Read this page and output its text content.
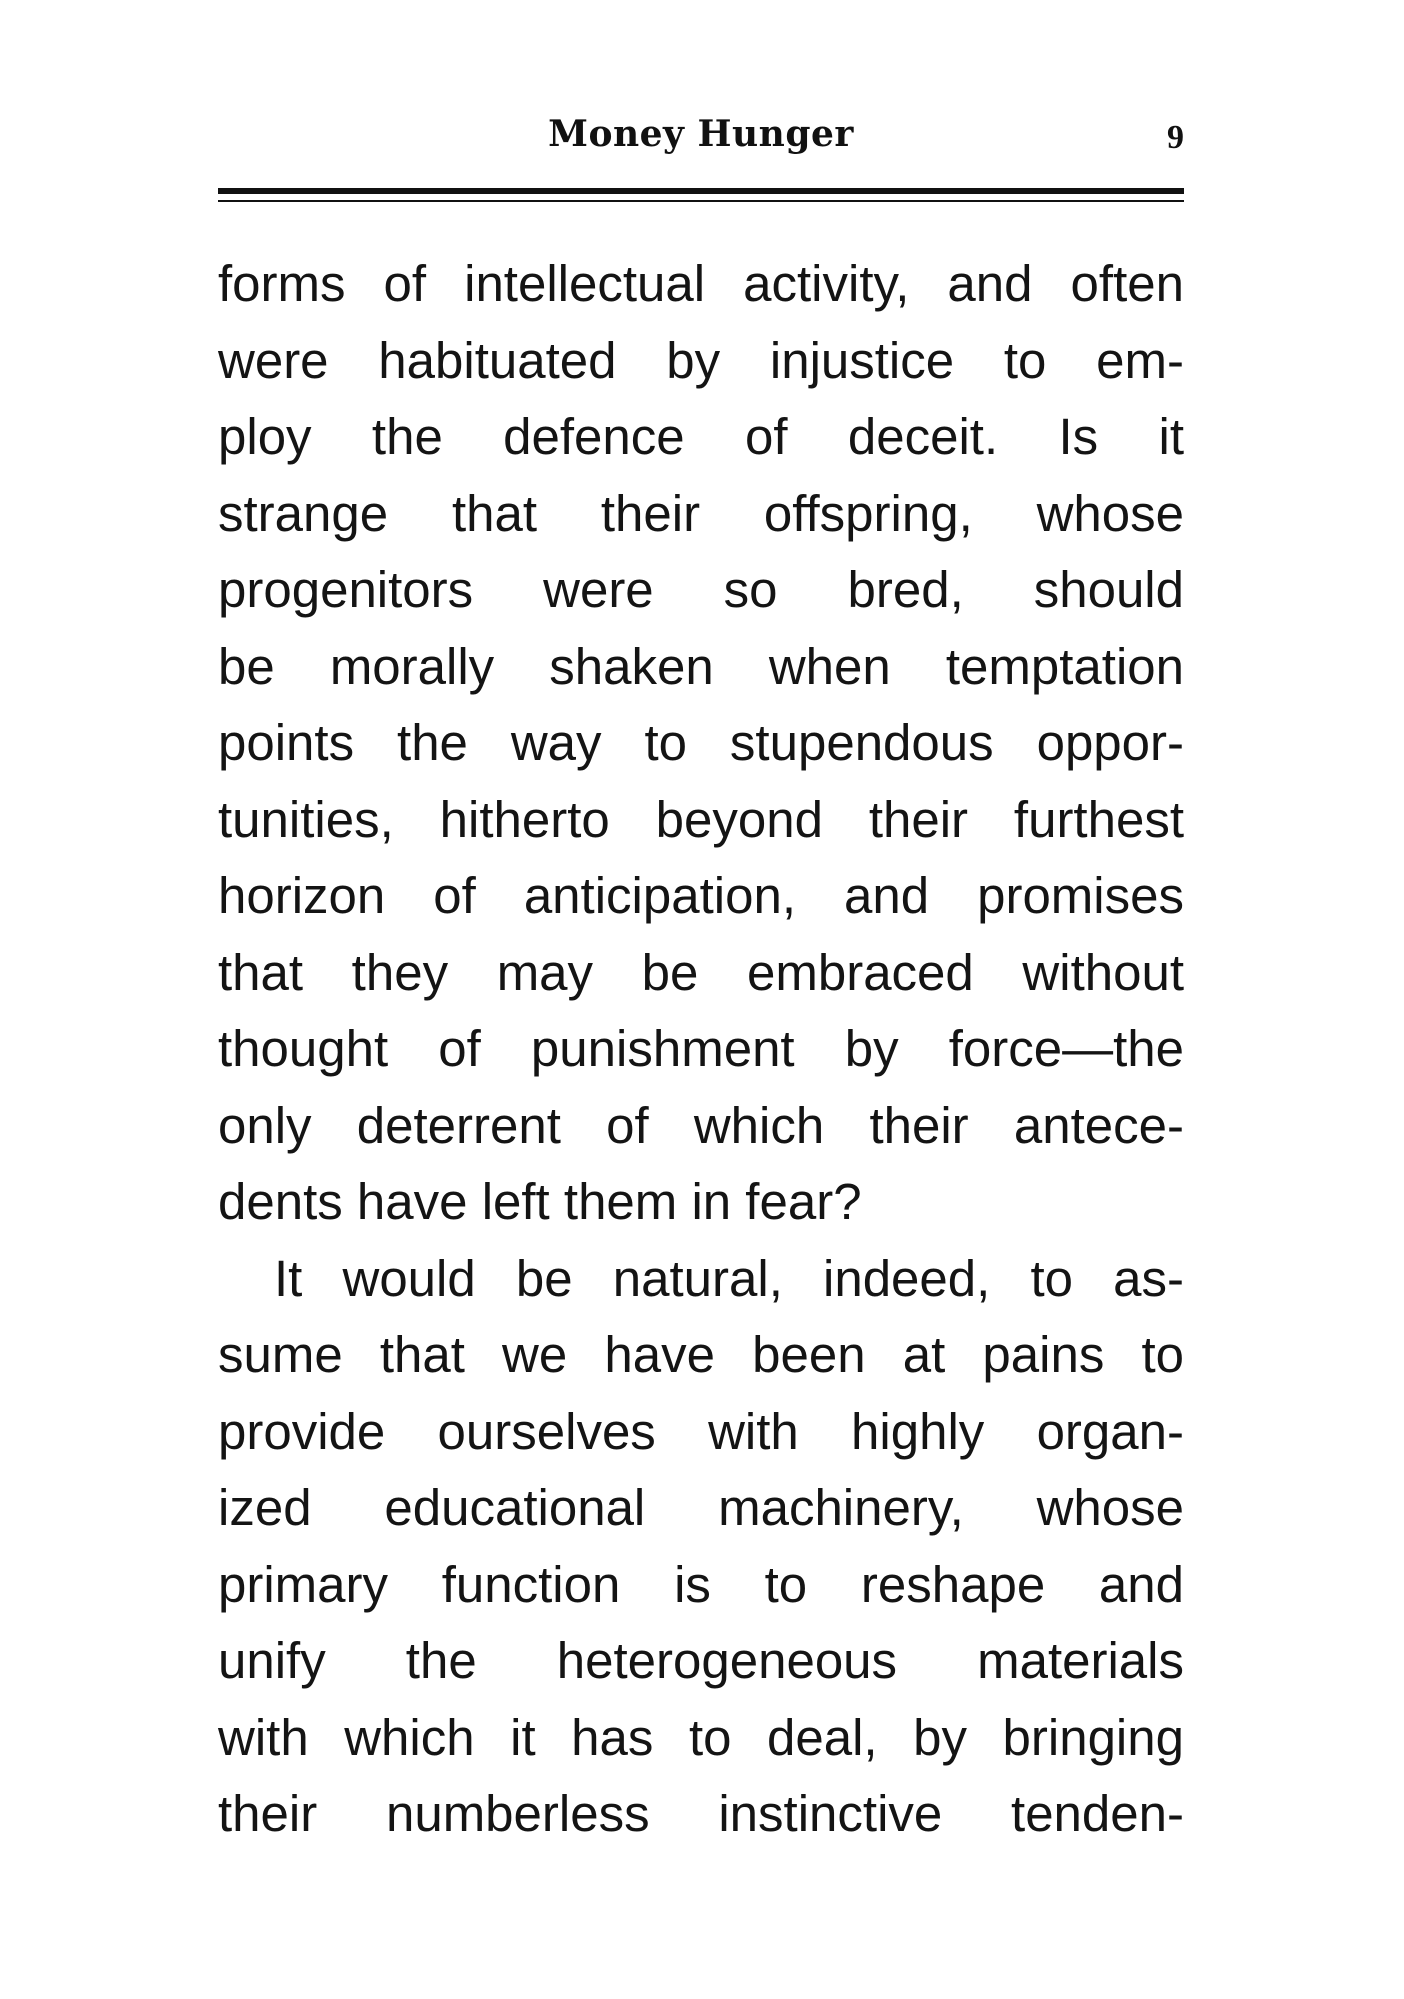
Money Hunger	9
forms of intellectual activity, and often
were habituated by injustice to em-
ploy the defence of deceit. Is it
strange that their offspring, whose
progenitors were so bred, should
be morally shaken when temptation
points the way to stupendous oppor-
tunities, hitherto beyond their furthest
horizon of anticipation, and promises
that they may be embraced without
thought of punishment by force—the
only deterrent of which their antece-
dents have left them in fear?
It would be natural, indeed, to as-
sume that we have been at pains to
provide ourselves with highly organ-
ized educational machinery, whose
primary function is to reshape and
unify the heterogeneous materials
with which it has to deal, by bringing
their numberless instinctive tenden-
